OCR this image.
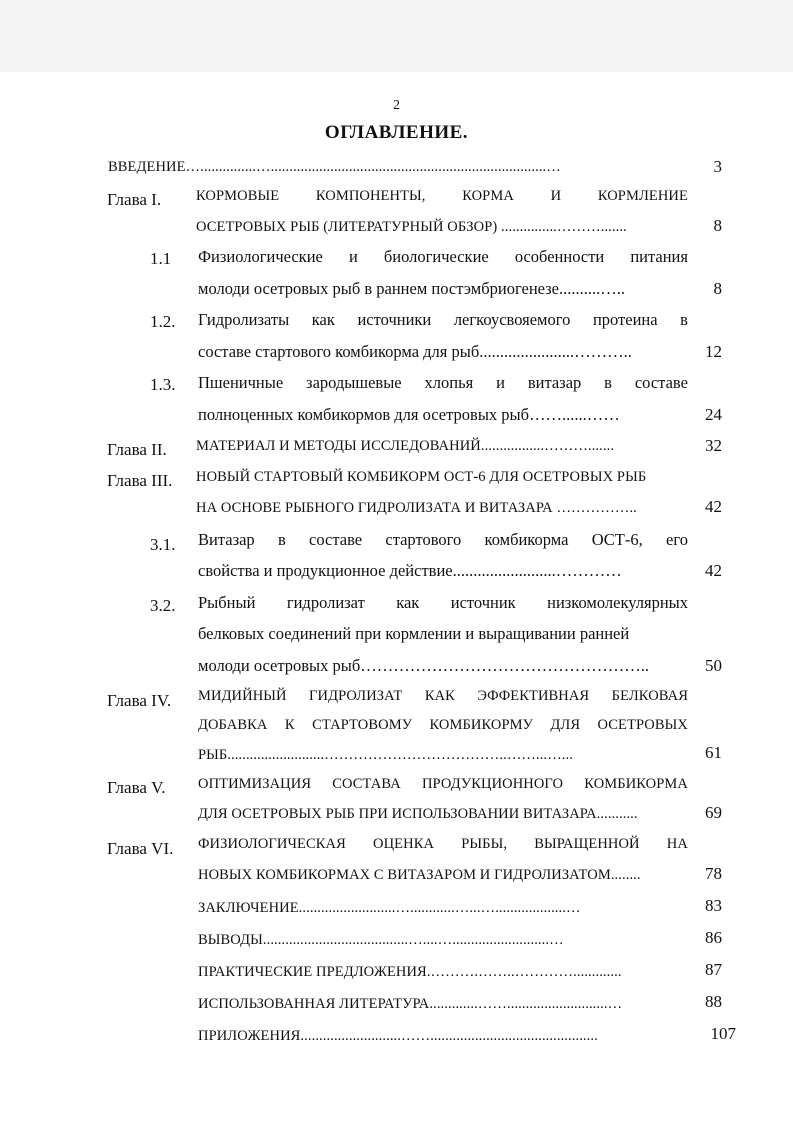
2
ОГЛАВЛЕНИЕ.
ВВЕДЕНИЕ…...............…..........................................................................…	3
Глава I. КОРМОВЫЕ	КОМПОНЕНТЫ,	КОРМА	И	КОРМЛЕНИЕ
ОСЕТРОВЫХ РЫБ (ЛИТЕРАТУРНЫЙ ОБЗОР) ...............……….......	8
1.1 Физиологические и биологические особенности питания
молоди осетровых рыб в раннем постэмбриогенезе..........…..	8
1.2. Гидролизаты как источники легкоусвояемого протеина в
составе стартового комбикорма для рыб.......................………..	12
1.3. Пшеничные зародышевые хлопья и витазар в составе
полноценных комбикормов для осетровых рыб……......……	24
Глава II. МАТЕРИАЛ И МЕТОДЫ ИССЛЕДОВАНИЙ.................……….......	32
Глава III. НОВЫЙ СТАРТОВЫЙ КОМБИКОРМ ОСТ-6 ДЛЯ ОСЕТРОВЫХ РЫБ
НА ОСНОВЕ РЫБНОГО ГИДРОЛИЗАТА И ВИТАЗАРА ……………..	42
3.1. Витазар в составе стартового комбикорма ОСТ-6, его
свойства и продукционное действие.........................…………	42
3.2. Рыбный гидролизат как источник низкомолекулярных
белковых соединений при кормлении и выращивании ранней
молоди осетровых рыб……………………………………………..	50
Глава IV. МИДИЙНЫЙ ГИДРОЛИЗАТ КАК ЭФФЕКТИВНАЯ БЕЛКОВАЯ
ДОБАВКА К СТАРТОВОМУ КОМБИКОРМУ ДЛЯ ОСЕТРОВЫХ
РЫБ..........................………………………………..……...…...	61
Глава V. ОПТИМИЗАЦИЯ СОСТАВА ПРОДУКЦИОННОГО КОМБИКОРМА
ДЛЯ ОСЕТРОВЫХ РЫБ ПРИ ИСПОЛЬЗОВАНИИ ВИТАЗАРА...........	69
Глава VI. ФИЗИОЛОГИЧЕСКАЯ ОЦЕНКА РЫБЫ, ВЫРАЩЕННОЙ НА
НОВЫХ КОМБИКОРМАХ С ВИТАЗАРОМ И ГИДРОЛИЗАТОМ........	78
ЗАКЛЮЧЕНИЕ..........................…............…...…...................…	83
ВЫВОДЫ.......................................…....…..........................…	86
ПРАКТИЧЕСКИЕ ПРЕДЛОЖЕНИЯ.……….……..………….............	87
ИСПОЛЬЗОВАННАЯ ЛИТЕРАТУРА.............……...........................…	88
ПРИЛОЖЕНИЯ...........................…….............................................	107
